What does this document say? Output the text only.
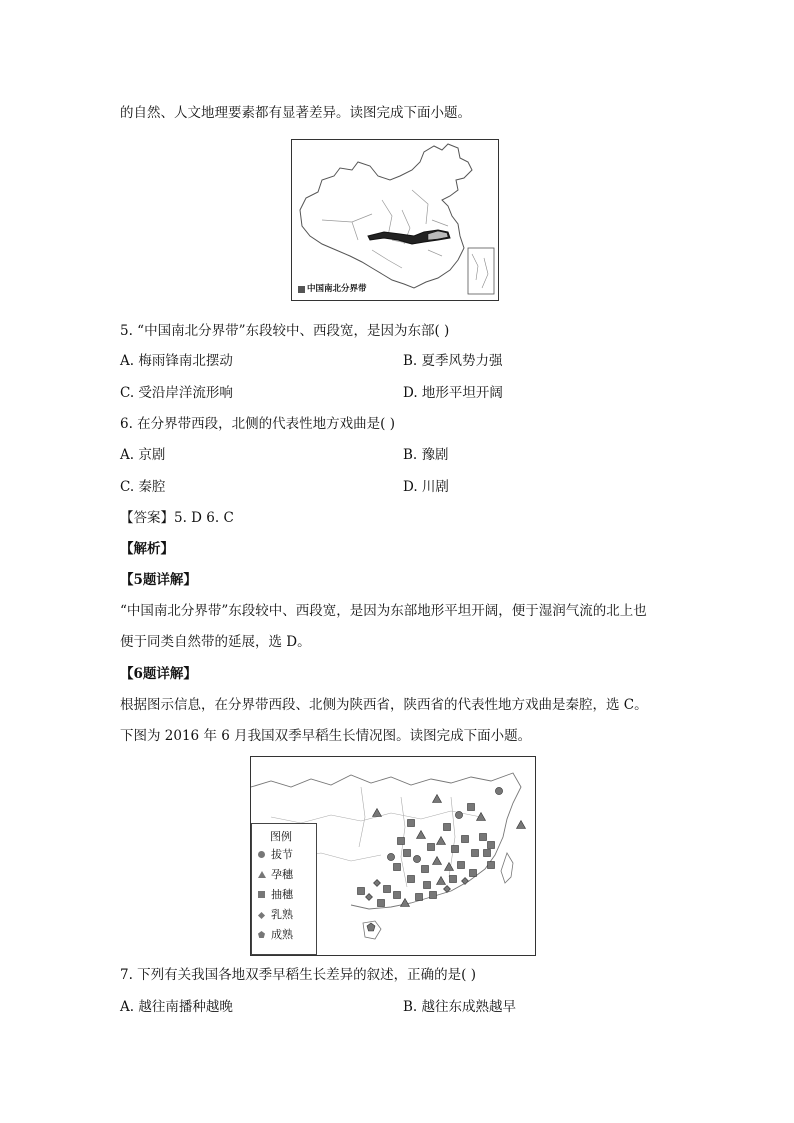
的自然、人文地理要素都有显著差异。读图完成下面小题。
中国南北分界带
5. “中国南北分界带”东段较中、西段宽，是因为东部( )
A. 梅雨锋南北摆动	B. 夏季风势力强
C. 受沿岸洋流形响	D. 地形平坦开阔
6. 在分界带西段，北侧的代表性地方戏曲是( )
A. 京剧	B. 豫剧
C. 秦腔	D. 川剧
【答案】5. D 6. C
【解析】
【5题详解】
“中国南北分界带”东段较中、西段宽，是因为东部地形平坦开阔，便于湿润气流的北上也
便于同类自然带的延展，选 D。
【6题详解】
根据图示信息，在分界带西段、北侧为陕西省，陕西省的代表性地方戏曲是秦腔，选 C。
下图为 2016 年 6 月我国双季早稻生长情况图。读图完成下面小题。
图例
拔节
孕穗
抽穗
乳熟
成熟
7. 下列有关我国各地双季早稻生长差异的叙述，正确的是( )
A. 越往南播种越晚	B. 越往东成熟越早
